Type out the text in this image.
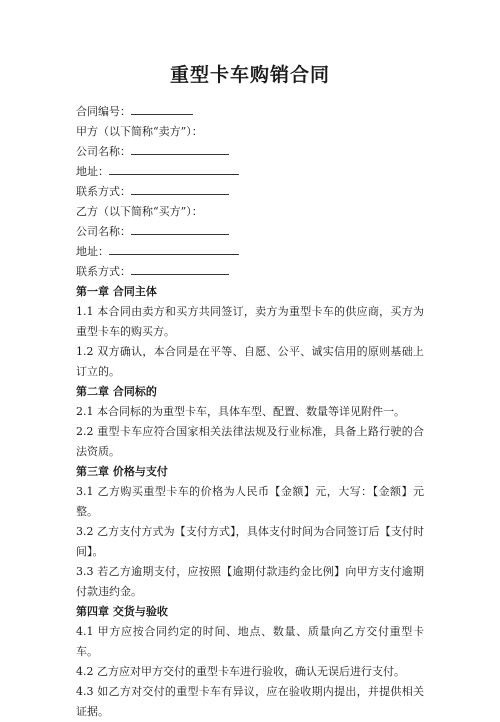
重型卡车购销合同
合同编号：
甲方（以下简称“卖方”）：
公司名称：
地址：
联系方式：
乙方（以下简称“买方”）：
公司名称：
地址：
联系方式：
第一章 合同主体
1.1 本合同由卖方和买方共同签订，卖方为重型卡车的供应商，买方为重型卡车的购买方。
1.2 双方确认，本合同是在平等、自愿、公平、诚实信用的原则基础上订立的。
第二章 合同标的
2.1 本合同标的为重型卡车，具体车型、配置、数量等详见附件一。
2.2 重型卡车应符合国家相关法律法规及行业标准，具备上路行驶的合法资质。
第三章 价格与支付
3.1 乙方购买重型卡车的价格为人民币【金额】元，大写：【金额】元整。
3.2 乙方支付方式为【支付方式】，具体支付时间为合同签订后【支付时间】。
3.3 若乙方逾期支付，应按照【逾期付款违约金比例】向甲方支付逾期付款违约金。
第四章 交货与验收
4.1 甲方应按合同约定的时间、地点、数量、质量向乙方交付重型卡车。
4.2 乙方应对甲方交付的重型卡车进行验收，确认无误后进行支付。
4.3 如乙方对交付的重型卡车有异议，应在验收期内提出，并提供相关证据。
